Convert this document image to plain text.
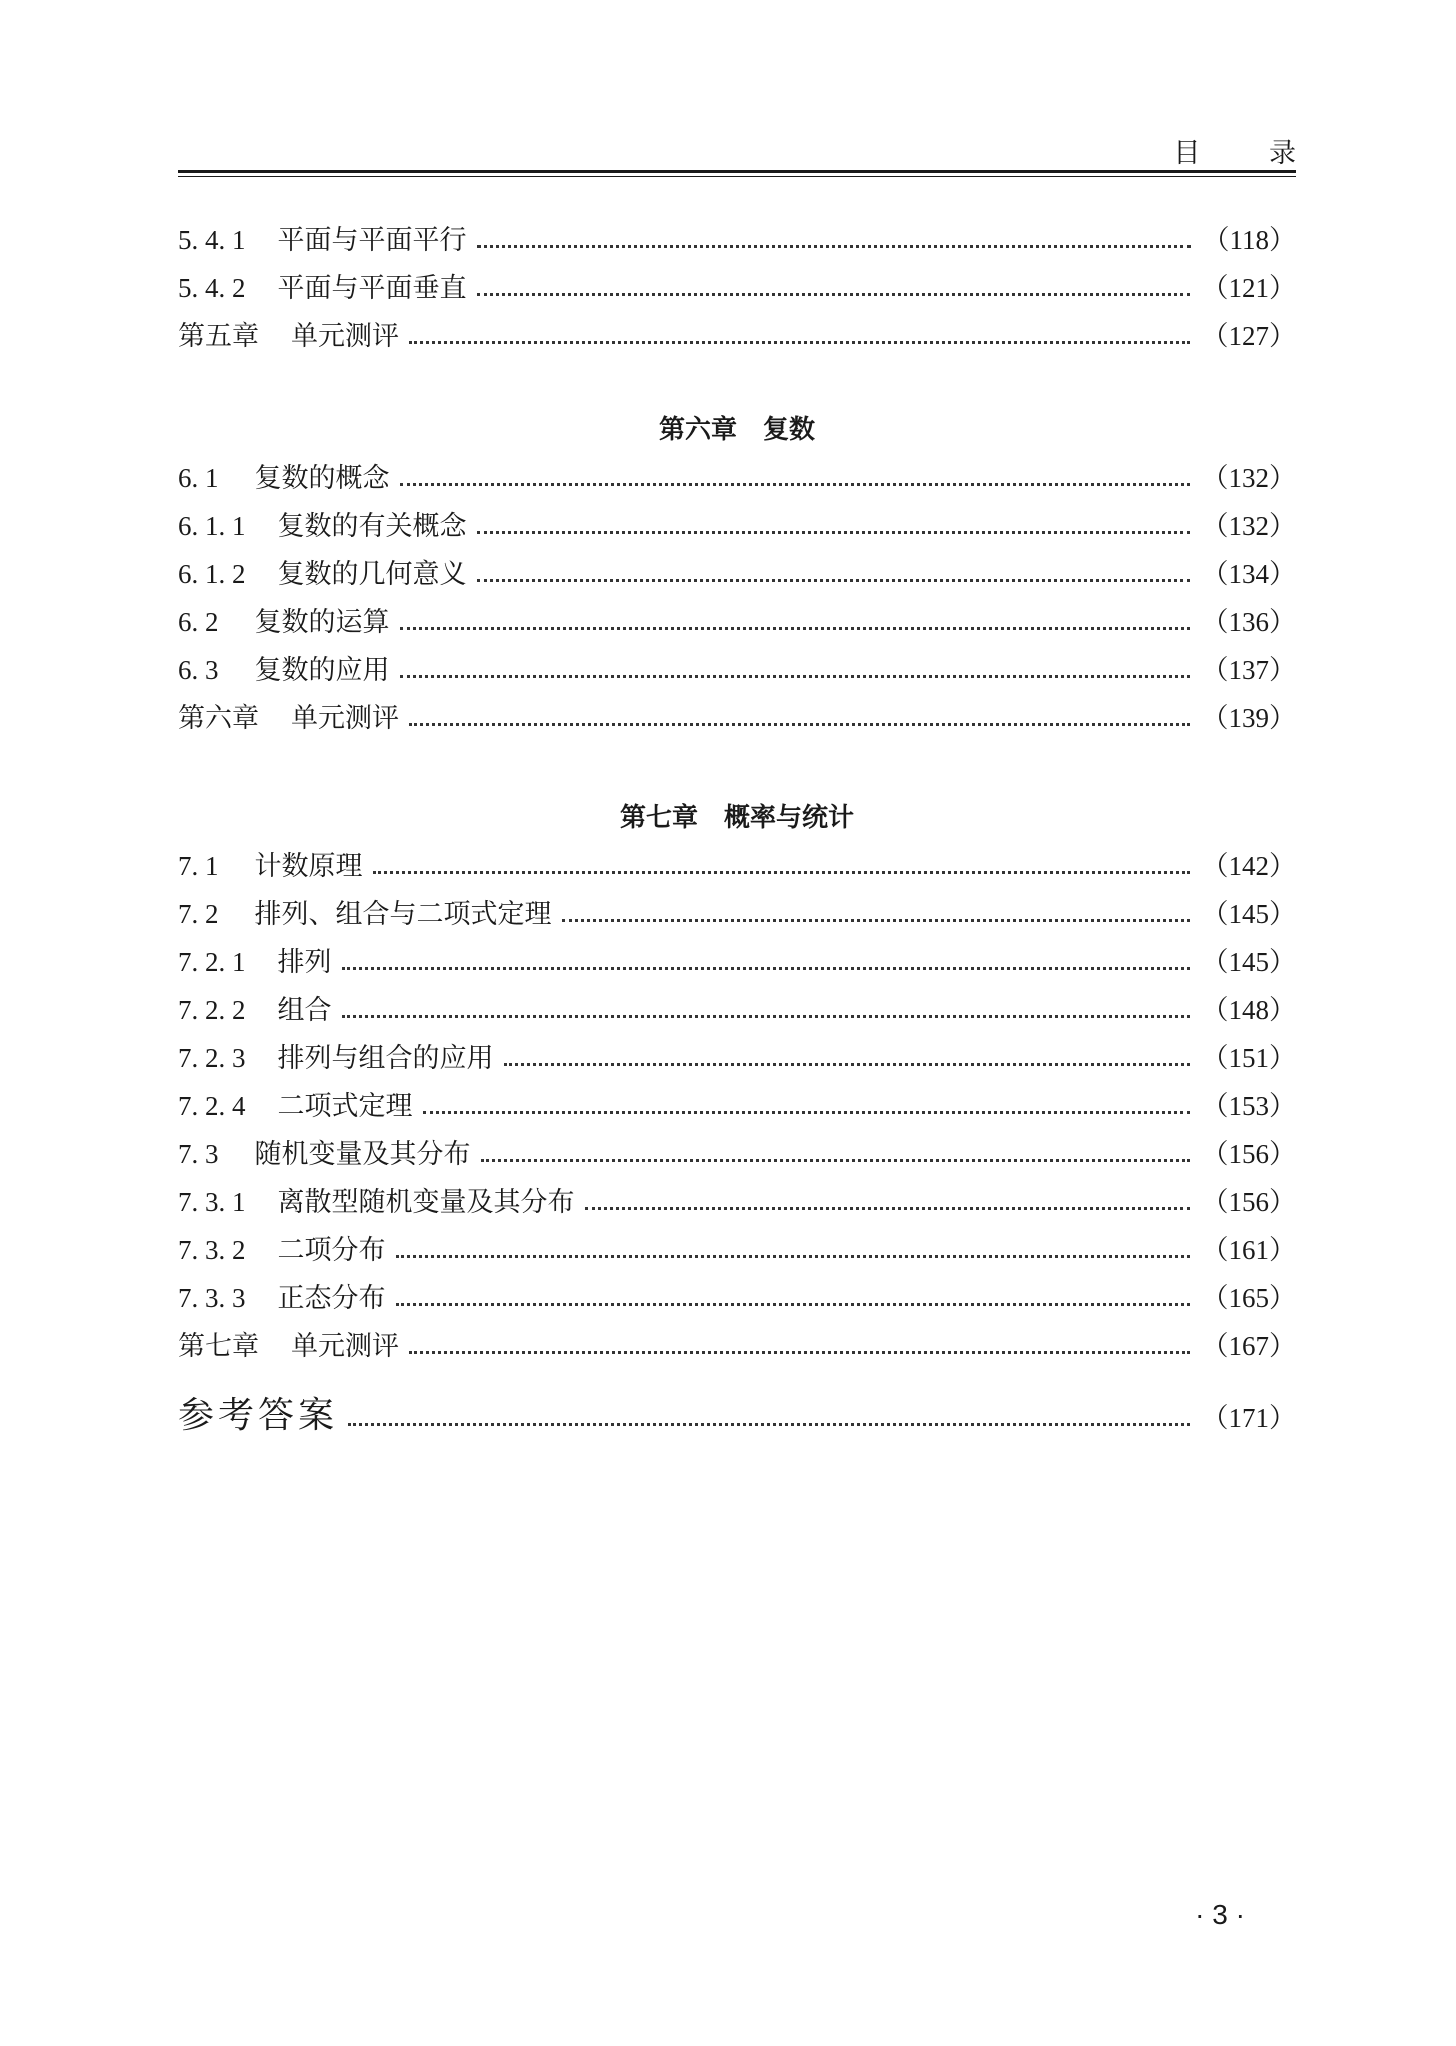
目 录
5. 4. 1 平面与平面平行	（118）
5. 4. 2 平面与平面垂直	（121）
第五章 单元测评	（127）
第六章　复数
6. 1 复数的概念	（132）
6. 1. 1 复数的有关概念	（132）
6. 1. 2 复数的几何意义	（134）
6. 2 复数的运算	（136）
6. 3 复数的应用	（137）
第六章 单元测评	（139）
第七章　概率与统计
7. 1 计数原理	（142）
7. 2 排列、组合与二项式定理	（145）
7. 2. 1 排列	（145）
7. 2. 2 组合	（148）
7. 2. 3 排列与组合的应用	（151）
7. 2. 4 二项式定理	（153）
7. 3 随机变量及其分布	（156）
7. 3. 1 离散型随机变量及其分布	（156）
7. 3. 2 二项分布	（161）
7. 3. 3 正态分布	（165）
第七章 单元测评	（167）
参考答案	（171）
· 3 ·
